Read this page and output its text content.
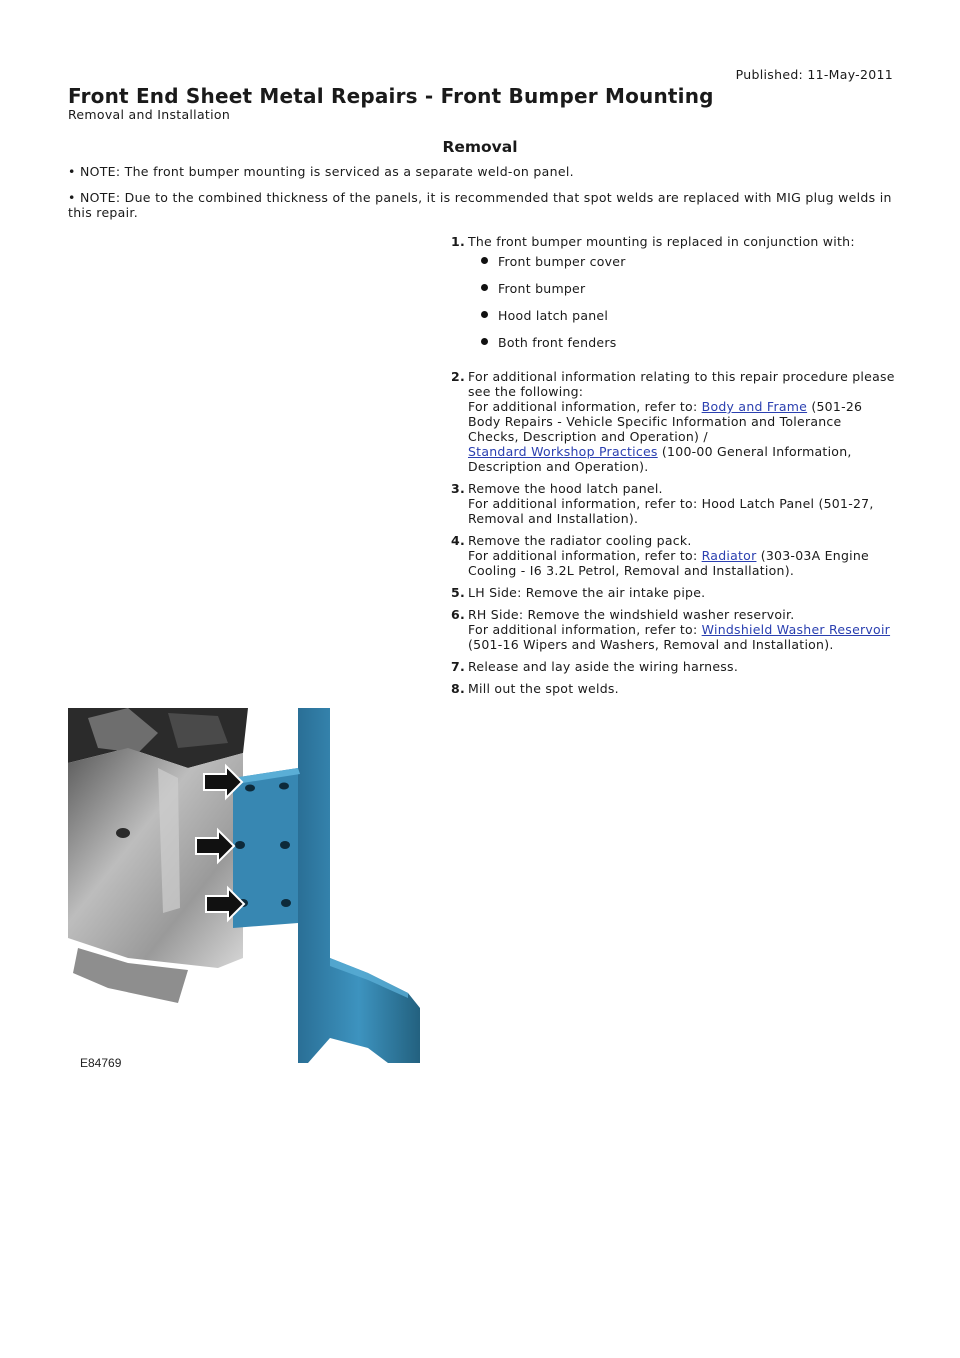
Published: 11-May-2011
Front End Sheet Metal Repairs - Front Bumper Mounting
Removal and Installation
Removal

• NOTE: The front bumper mounting is serviced as a separate weld-on panel.

• NOTE: Due to the combined thickness of the panels, it is recommended that spot welds are replaced with MIG plug welds in this repair.

1. The front bumper mounting is replaced in conjunction with:
Front bumper cover
Front bumper
Hood latch panel
Both front fenders
2. For additional information relating to this repair procedure please see the following:
For additional information, refer to: Body and Frame (501-26 Body Repairs - Vehicle Specific Information and Tolerance Checks, Description and Operation) /
Standard Workshop Practices (100-00 General Information, Description and Operation).
3. Remove the hood latch panel.
For additional information, refer to: Hood Latch Panel (501-27, Removal and Installation).
4. Remove the radiator cooling pack.
For additional information, refer to: Radiator (303-03A Engine Cooling - I6 3.2L Petrol, Removal and Installation).
5. LH Side: Remove the air intake pipe.
6. RH Side: Remove the windshield washer reservoir.
For additional information, refer to: Windshield Washer Reservoir (501-16 Wipers and Washers, Removal and Installation).
7. Release and lay aside the wiring harness.
8. Mill out the spot welds.
E84769
